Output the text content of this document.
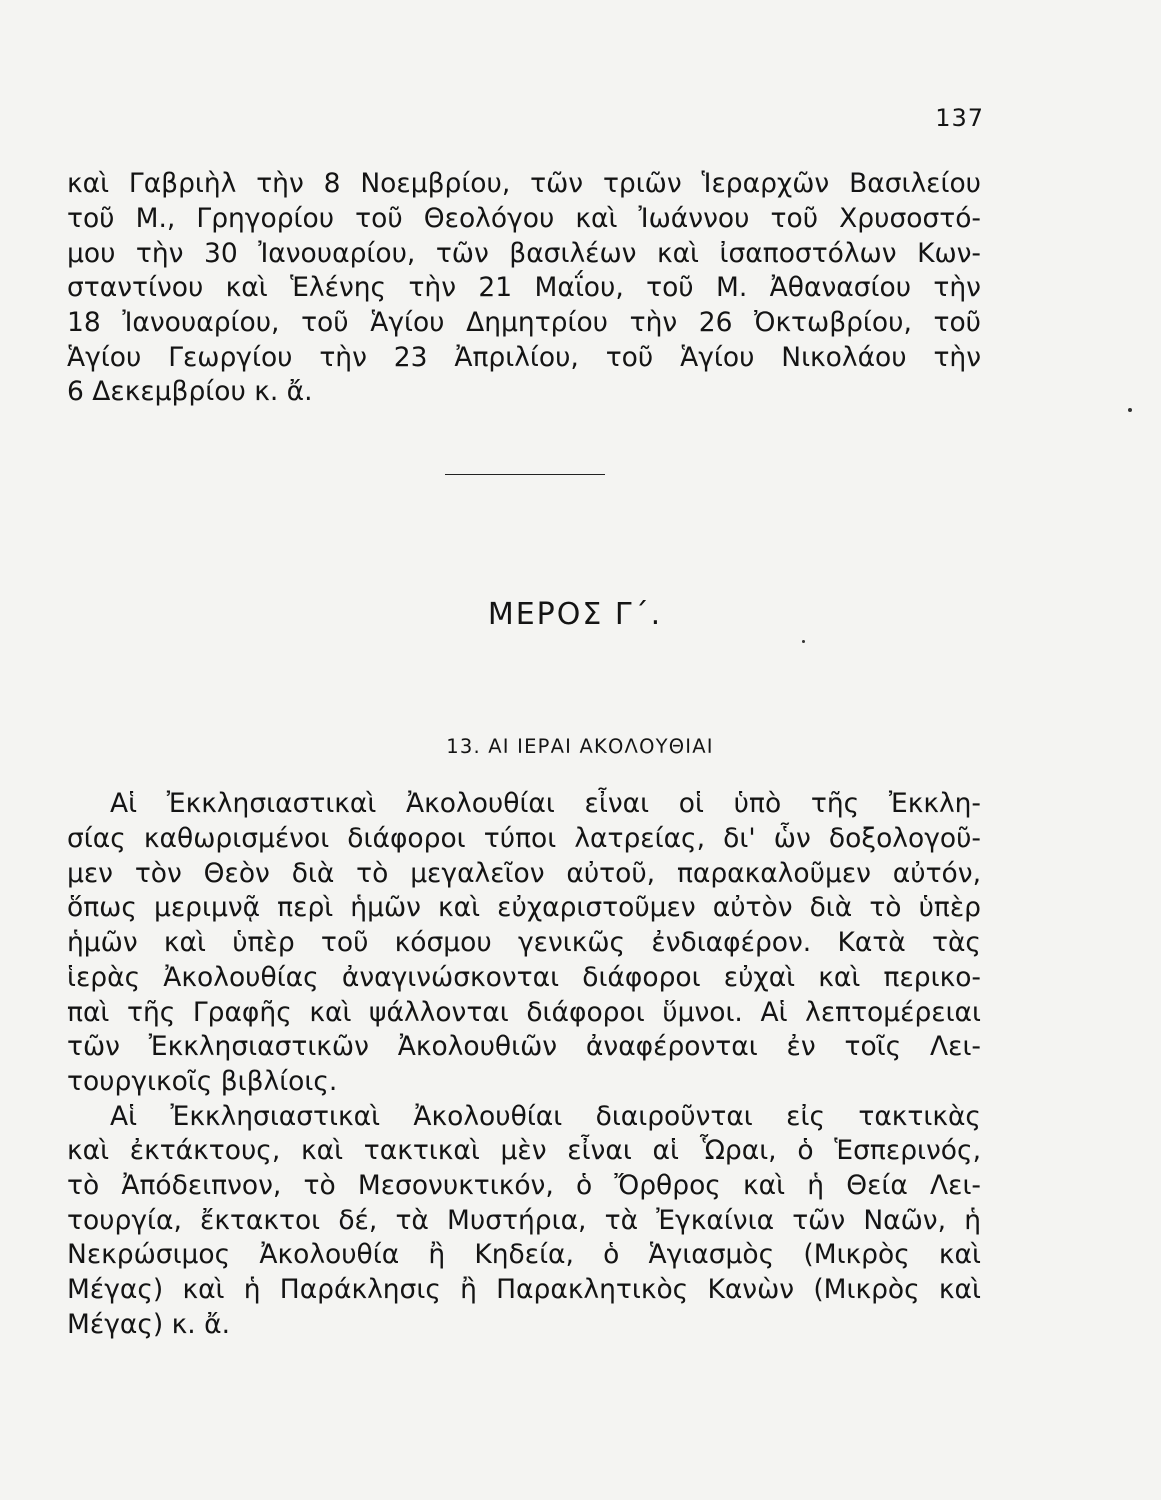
137
καὶ Γαβριὴλ τὴν 8 Νοεμβρίου, τῶν τριῶν Ἱεραρχῶν Βασιλείου
τοῦ Μ., Γρηγορίου τοῦ Θεολόγου καὶ Ἰωάννου τοῦ Χρυσοστό-
μου τὴν 30 Ἰανουαρίου, τῶν βασιλέων καὶ ἰσαποστόλων Κων-
σταντίνου καὶ Ἑλένης τὴν 21 Μαΐου, τοῦ Μ. Ἀθανασίου τὴν
18 Ἰανουαρίου, τοῦ Ἁγίου Δημητρίου τὴν 26 Ὀκτωβρίου, τοῦ
Ἁγίου Γεωργίου τὴν 23 Ἀπριλίου, τοῦ Ἁγίου Νικολάου τὴν
6 Δεκεμβρίου κ. ἄ.
ΜΕΡΟΣ Γ΄.
13. ΑΙ ΙΕΡΑΙ ΑΚΟΛΟΥΘΙΑΙ
Αἱ Ἐκκλησιαστικαὶ Ἀκολουθίαι εἶναι οἱ ὑπὸ τῆς Ἐκκλη-
σίας καθωρισμένοι διάφοροι τύποι λατρείας, δι' ὧν δοξολογοῦ-
μεν τὸν Θεὸν διὰ τὸ μεγαλεῖον αὐτοῦ, παρακαλοῦμεν αὐτόν,
ὅπως μεριμνᾷ περὶ ἡμῶν καὶ εὐχαριστοῦμεν αὐτὸν διὰ τὸ ὑπὲρ
ἡμῶν καὶ ὑπὲρ τοῦ κόσμου γενικῶς ἐνδιαφέρον. Κατὰ τὰς
ἱερὰς Ἀκολουθίας ἀναγινώσκονται διάφοροι εὐχαὶ καὶ περικο-
παὶ τῆς Γραφῆς καὶ ψάλλονται διάφοροι ὕμνοι. Αἱ λεπτομέρειαι
τῶν Ἐκκλησιαστικῶν Ἀκολουθιῶν ἀναφέρονται ἐν τοῖς Λει-
τουργικοῖς βιβλίοις.
Αἱ Ἐκκλησιαστικαὶ Ἀκολουθίαι διαιροῦνται εἰς τακτικὰς
καὶ ἐκτάκτους, καὶ τακτικαὶ μὲν εἶναι αἱ Ὧραι, ὁ Ἑσπερινός,
τὸ Ἀπόδειπνον, τὸ Μεσονυκτικόν, ὁ Ὄρθρος καὶ ἡ Θεία Λει-
τουργία, ἔκτακτοι δέ, τὰ Μυστήρια, τὰ Ἐγκαίνια τῶν Ναῶν, ἡ
Νεκρώσιμος Ἀκολουθία ἢ Κηδεία, ὁ Ἁγιασμὸς (Μικρὸς καὶ
Μέγας) καὶ ἡ Παράκλησις ἢ Παρακλητικὸς Κανὼν (Μικρὸς καὶ
Μέγας) κ. ἄ.
